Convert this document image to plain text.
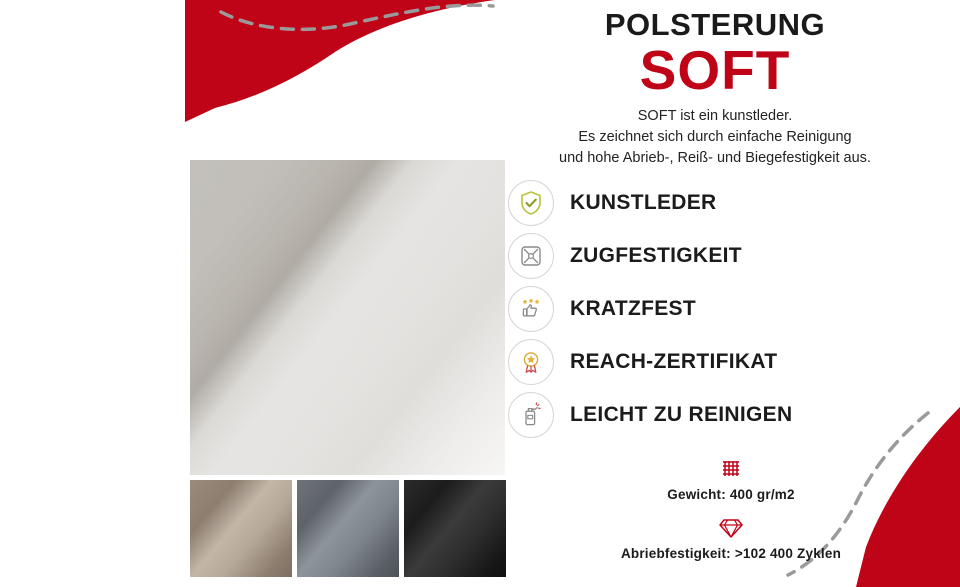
POLSTERUNG
SOFT
SOFT ist ein kunstleder.
Es zeichnet sich durch einfache Reinigung
und hohe Abrieb-, Reiß- und Biegefestigkeit aus.
KUNSTLEDER
ZUGFESTIGKEIT
KRATZFEST
REACH-ZERTIFIKAT
LEICHT ZU REINIGEN
Gewicht: 400 gr/m2
Abriebfestigkeit: >102 400 Zyklen
